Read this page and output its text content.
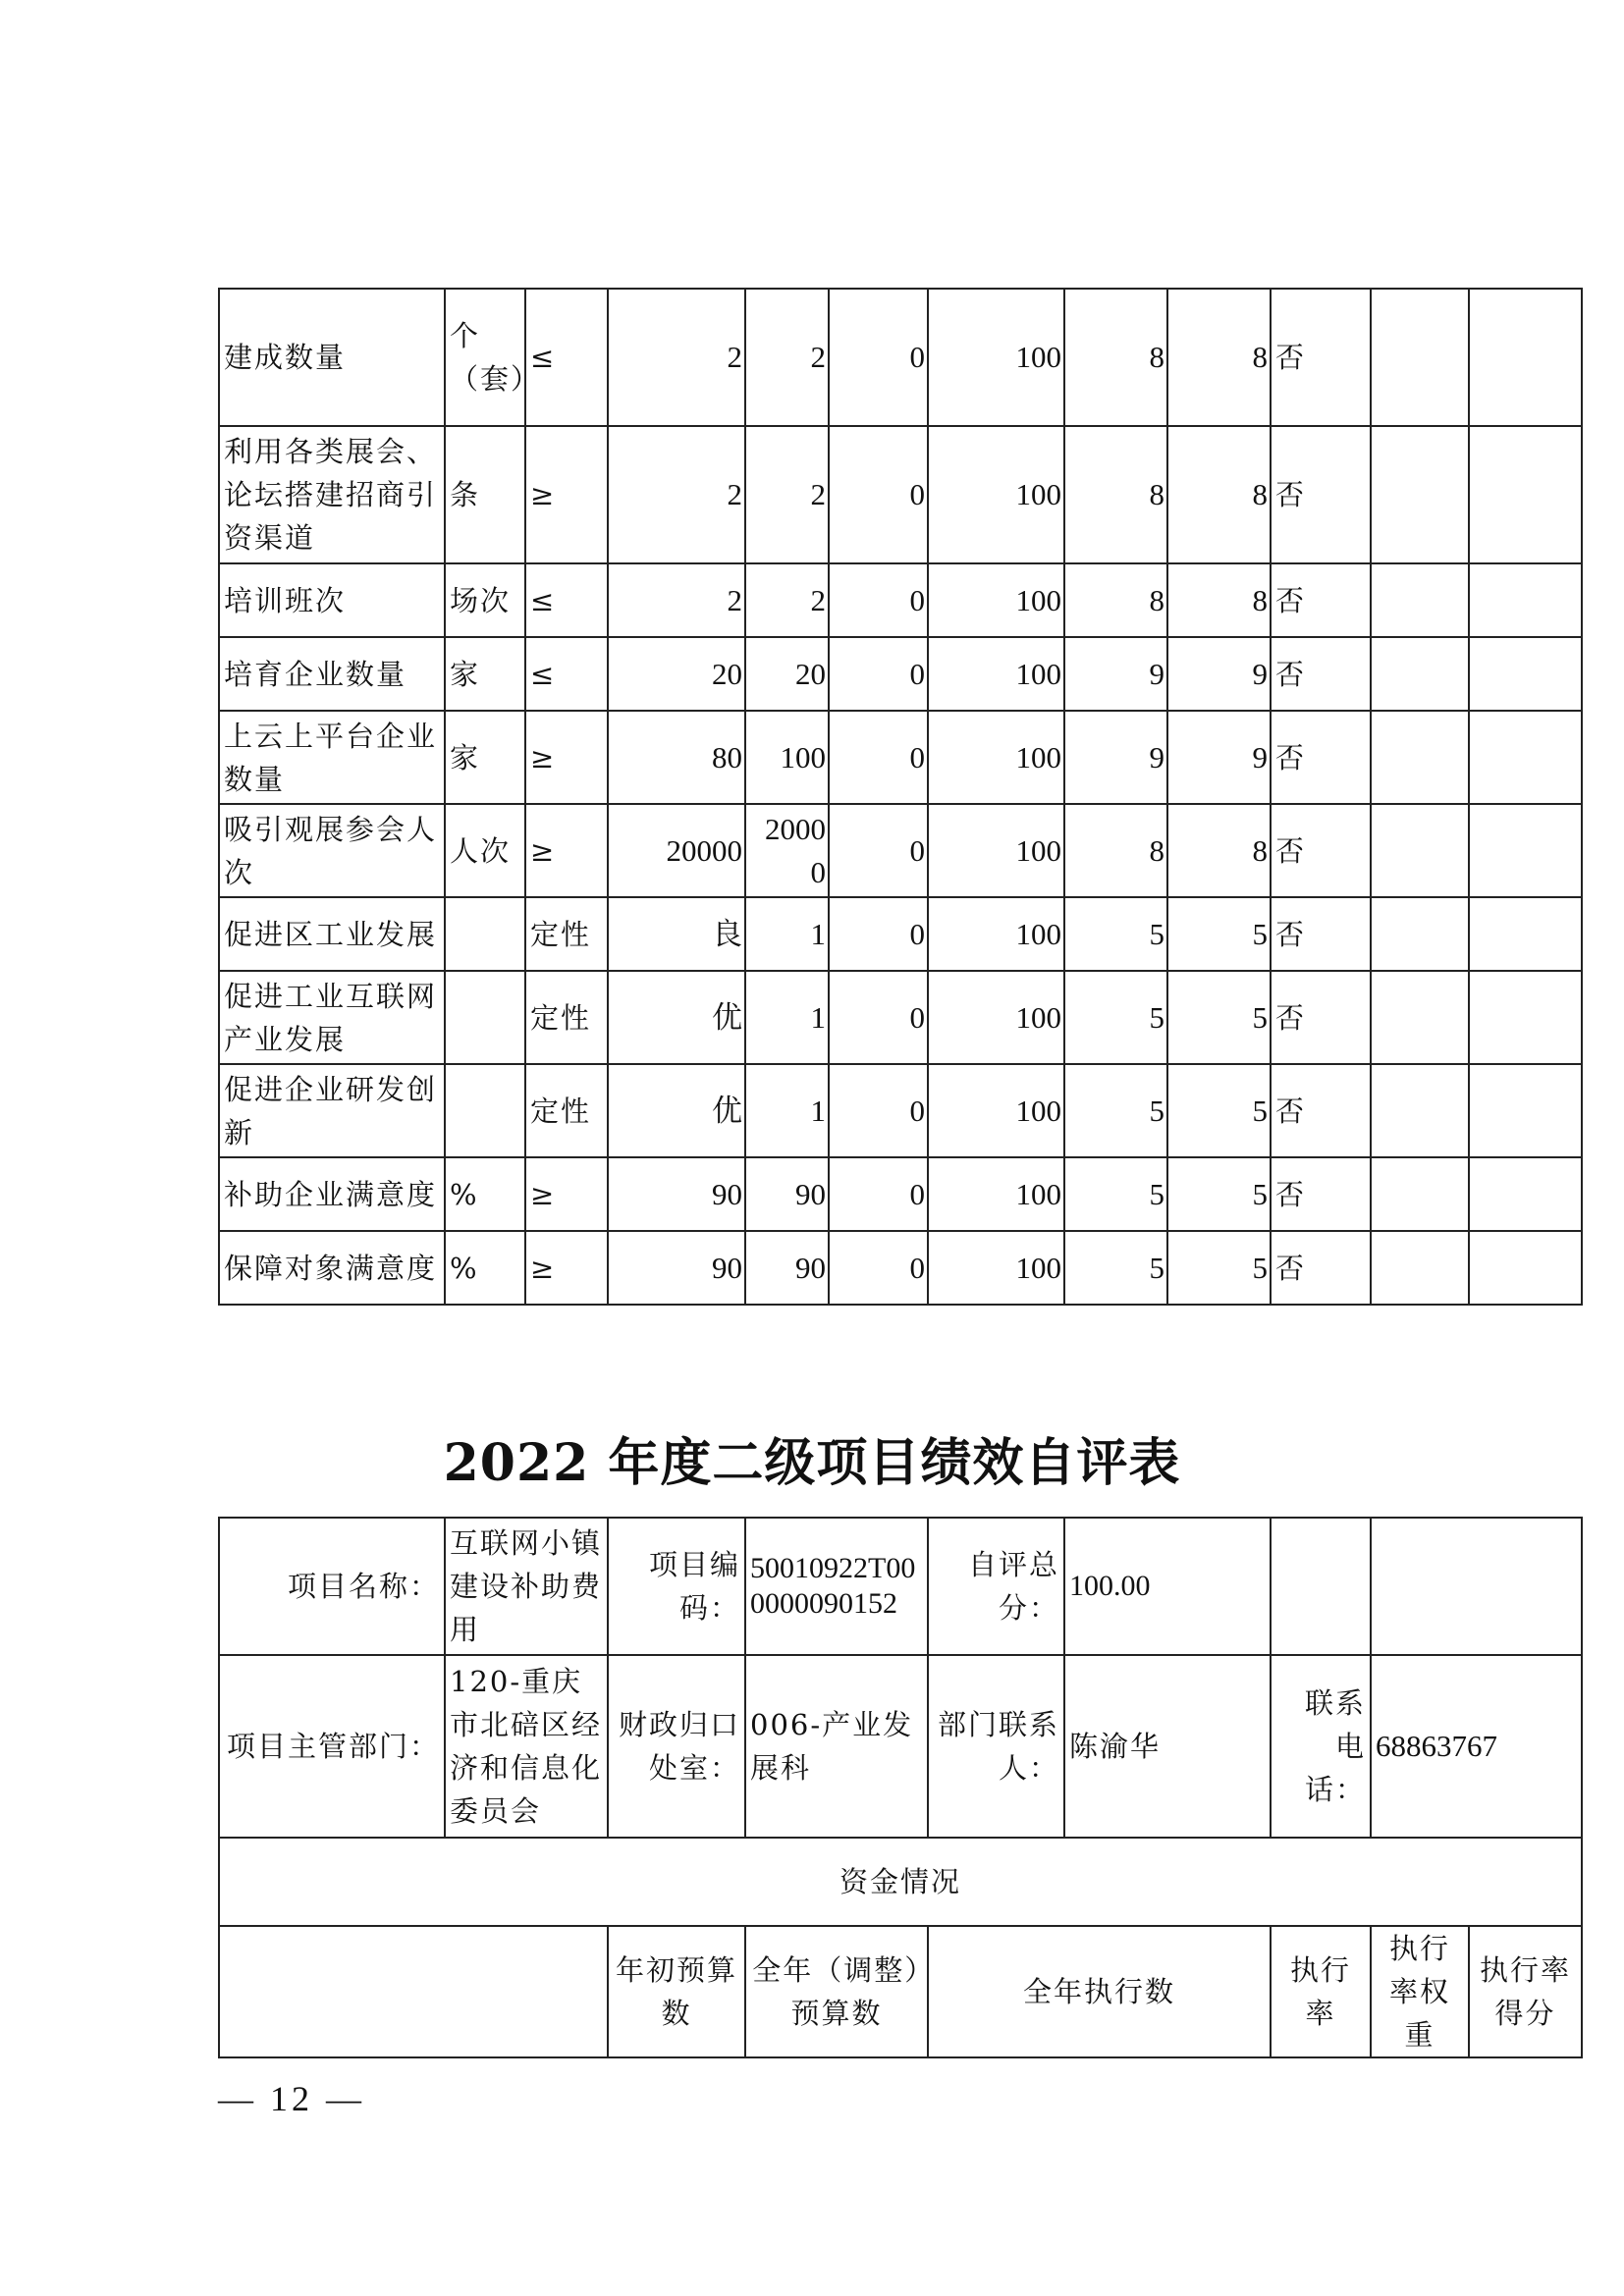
建成数量	个（套）	≤	2	2	0	100	8	8	否		
利用各类展会、论坛搭建招商引资渠道	条	≥	2	2	0	100	8	8	否		
培训班次	场次	≤	2	2	0	100	8	8	否		
培育企业数量	家	≤	20	20	0	100	9	9	否		
上云上平台企业数量	家	≥	80	100	0	100	9	9	否		
吸引观展参会人次	人次	≥	20000	20000	0	100	8	8	否		
促进区工业发展		定性	良	1	0	100	5	5	否		
促进工业互联网产业发展		定性	优	1	0	100	5	5	否		
促进企业研发创新		定性	优	1	0	100	5	5	否		
补助企业满意度	%	≥	90	90	0	100	5	5	否		
保障对象满意度	%	≥	90	90	0	100	5	5	否		
2022 年度二级项目绩效自评表
项目名称：	互联网小镇建设补助费用	项目编码：	50010922T000000090152	自评总分：	100.00			
项目主管部门：	120-重庆市北碚区经济和信息化委员会	财政归口处室：	006-产业发展科	部门联系人：	陈渝华	联系电话：	68863767	
资金情况								
		年初预算数	全年（调整）预算数	全年执行数		执行率	执行率权重	执行率得分
— 12 —
